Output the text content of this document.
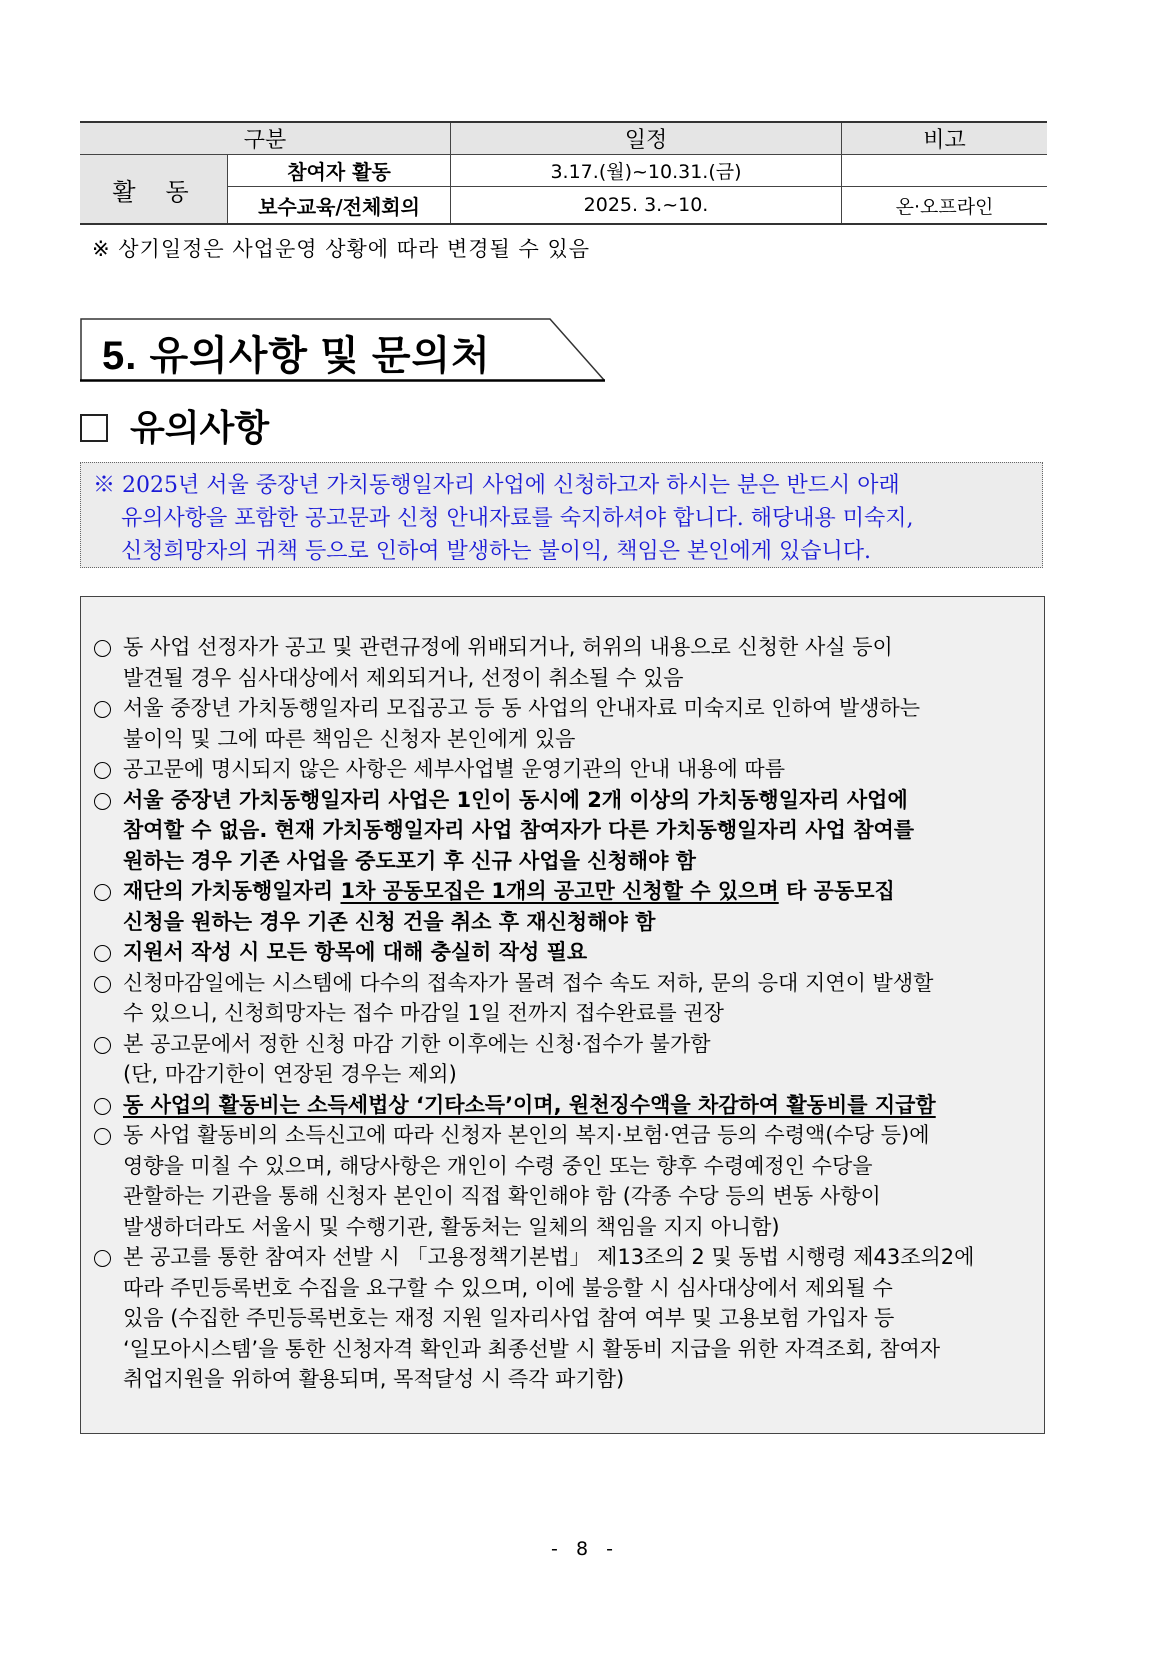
구분		일정	비고
활동	참여자 활동	3.17.(월)~10.31.(금)	
	보수교육/전체회의	2025. 3.~10.	온·오프라인
※ 상기일정은 사업운영 상황에 따라 변경될 수 있음
5. 유의사항 및 문의처
유의사항
※ 2025년 서울 중장년 가치동행일자리 사업에 신청하고자 하시는 분은 반드시 아래
유의사항을 포함한 공고문과 신청 안내자료를 숙지하셔야 합니다. 해당내용 미숙지,
신청희망자의 귀책 등으로 인하여 발생하는 불이익, 책임은 본인에게 있습니다.
동 사업 선정자가 공고 및 관련규정에 위배되거나, 허위의 내용으로 신청한 사실 등이
발견될 경우 심사대상에서 제외되거나, 선정이 취소될 수 있음
서울 중장년 가치동행일자리 모집공고 등 동 사업의 안내자료 미숙지로 인하여 발생하는
불이익 및 그에 따른 책임은 신청자 본인에게 있음
공고문에 명시되지 않은 사항은 세부사업별 운영기관의 안내 내용에 따름
서울 중장년 가치동행일자리 사업은 1인이 동시에 2개 이상의 가치동행일자리 사업에
참여할 수 없음. 현재 가치동행일자리 사업 참여자가 다른 가치동행일자리 사업 참여를
원하는 경우 기존 사업을 중도포기 후 신규 사업을 신청해야 함
재단의 가치동행일자리 1차 공동모집은 1개의 공고만 신청할 수 있으며 타 공동모집
신청을 원하는 경우 기존 신청 건을 취소 후 재신청해야 함
지원서 작성 시 모든 항목에 대해 충실히 작성 필요
신청마감일에는 시스템에 다수의 접속자가 몰려 접수 속도 저하, 문의 응대 지연이 발생할
수 있으니, 신청희망자는 접수 마감일 1일 전까지 접수완료를 권장
본 공고문에서 정한 신청 마감 기한 이후에는 신청·접수가 불가함
(단, 마감기한이 연장된 경우는 제외)
동 사업의 활동비는 소득세법상 ‘기타소득’이며, 원천징수액을 차감하여 활동비를 지급함
동 사업 활동비의 소득신고에 따라 신청자 본인의 복지·보험·연금 등의 수령액(수당 등)에
영향을 미칠 수 있으며, 해당사항은 개인이 수령 중인 또는 향후 수령예정인 수당을
관할하는 기관을 통해 신청자 본인이 직접 확인해야 함 (각종 수당 등의 변동 사항이
발생하더라도 서울시 및 수행기관, 활동처는 일체의 책임을 지지 아니함)
본 공고를 통한 참여자 선발 시 「고용정책기본법」 제13조의 2 및 동법 시행령 제43조의2에
따라 주민등록번호 수집을 요구할 수 있으며, 이에 불응할 시 심사대상에서 제외될 수
있음 (수집한 주민등록번호는 재정 지원 일자리사업 참여 여부 및 고용보험 가입자 등
‘일모아시스템’을 통한 신청자격 확인과 최종선발 시 활동비 지급을 위한 자격조회, 참여자
취업지원을 위하여 활용되며, 목적달성 시 즉각 파기함)
- 8 -
